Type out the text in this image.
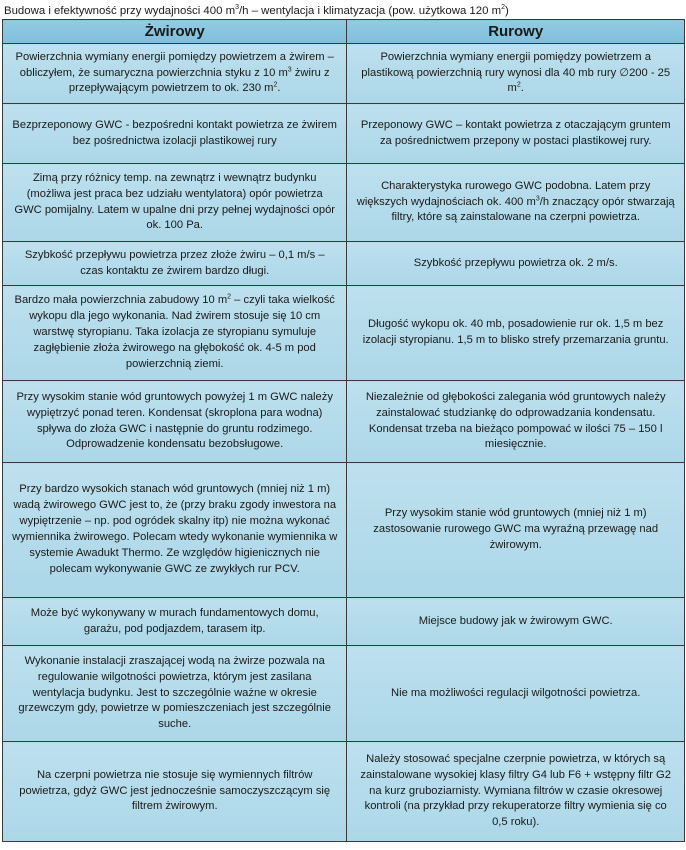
Budowa i efektywność przy wydajności 400 $m^3/h$ – wentylacja i klimatyzacja (pow. użytkowa 120 $m^2$)
Żwirowy	Rurowy
Powierzchnia wymiany energii pomiędzy powietrzem a żwirem – obliczyłem, że sumaryczna powierzchnia styku z 10 $m^3$ żwiru z przepływającym powietrzem to ok. 230 $m^2$.	Powierzchnia wymiany energii pomiędzy powietrzem a plastikową powierzchnią rury wynosi dla 40 mb rury ∅200 - 25 $m^2$.
Bezprzeponowy GWC - bezpośredni kontakt powietrza ze żwirem bez pośrednictwa izolacji plastikowej rury	Przeponowy GWC – kontakt powietrza z otaczającym gruntem za pośrednictwem przepony w postaci plastikowej rury.
Zimą przy różnicy temp. na zewnątrz i wewnątrz budynku (możliwa jest praca bez udziału wentylatora) opór powietrza GWC pomijalny. Latem w upalne dni przy pełnej wydajności opór ok. 100 Pa.	Charakterystyka rurowego GWC podobna. Latem przy większych wydajnościach ok. 400 $m^3/h$ znaczący opór stwarzają filtry, które są zainstalowane na czerpni powietrza.
Szybkość przepływu powietrza przez złoże żwiru – 0,1 m/s – czas kontaktu ze żwirem bardzo długi.	Szybkość przepływu powietrza ok. 2 m/s.
Bardzo mała powierzchnia zabudowy 10 $m^2$ – czyli taka wielkość wykopu dla jego wykonania. Nad żwirem stosuje się 10 cm warstwę styropianu. Taka izolacja ze styropianu symuluje zagłębienie złoża żwirowego na głębokość ok. 4-5 m pod powierzchnią ziemi.	Długość wykopu ok. 40 mb, posadowienie rur ok. 1,5 m bez izolacji styropianu. 1,5 m to blisko strefy przemarzania gruntu.
Przy wysokim stanie wód gruntowych powyżej 1 m GWC należy wypiętrzyć ponad teren. Kondensat (skroplona para wodna) spływa do złoża GWC i następnie do gruntu rodzimego. Odprowadzenie kondensatu bezobsługowe.	Niezależnie od głębokości zalegania wód gruntowych należy zainstalować studziankę do odprowadzania kondensatu. Kondensat trzeba na bieżąco pompować w ilości 75 – 150 l miesięcznie.
Przy bardzo wysokich stanach wód gruntowych (mniej niż 1 m) wadą żwirowego GWC jest to, że (przy braku zgody inwestora na wypiętrzenie – np. pod ogródek skalny itp) nie można wykonać wymiennika żwirowego. Polecam wtedy wykonanie wymiennika w systemie Awadukt Thermo. Ze względów higienicznych nie polecam wykonywanie GWC ze zwykłych rur PCV.	Przy wysokim stanie wód gruntowych (mniej niż 1 m) zastosowanie rurowego GWC ma wyraźną przewagę nad żwirowym.
Może być wykonywany w murach fundamentowych domu, garażu, pod podjazdem, tarasem itp.	Miejsce budowy jak w żwirowym GWC.
Wykonanie instalacji zraszającej wodą na żwirze pozwala na regulowanie wilgotności powietrza, którym jest zasilana wentylacja budynku. Jest to szczególnie ważne w okresie grzewczym gdy, powietrze w pomieszczeniach jest szczególnie suche.	Nie ma możliwości regulacji wilgotności powietrza.
Na czerpni powietrza nie stosuje się wymiennych filtrów powietrza, gdyż GWC jest jednocześnie samoczyszczącym się filtrem żwirowym.	Należy stosować specjalne czerpnie powietrza, w których są zainstalowane wysokiej klasy filtry G4 lub F6 + wstępny filtr G2 na kurz gruboziarnisty. Wymiana filtrów w czasie okresowej kontroli (na przykład przy rekuperatorze filtry wymienia się co 0,5 roku).
